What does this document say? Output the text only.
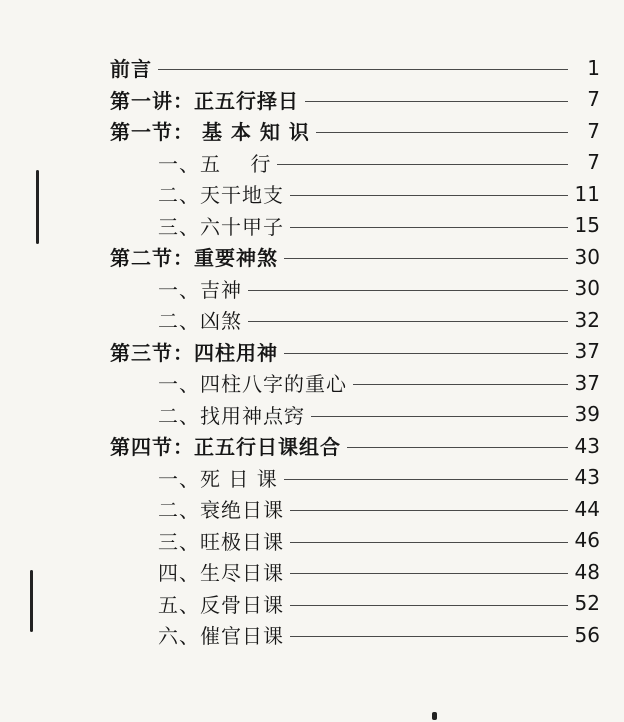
前言	1
第一讲：正五行择日	7
第一节： 基 本 知 识	7
一、五    行	7
二、天干地支	11
三、六十甲子	15
第二节：重要神煞	30
一、吉神	30
二、凶煞	32
第三节：四柱用神	37
一、四柱八字的重心	37
二、找用神点窍	39
第四节：正五行日课组合	43
一、死 日 课	43
二、衰绝日课	44
三、旺极日课	46
四、生尽日课	48
五、反骨日课	52
六、催官日课	56
